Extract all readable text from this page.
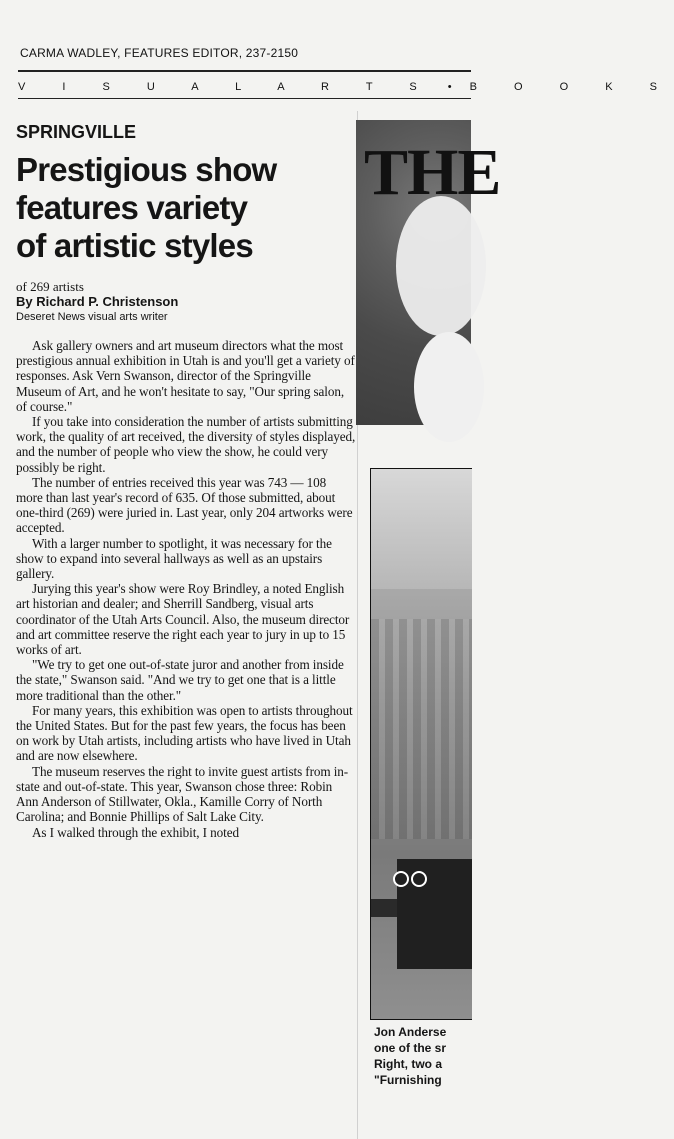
CARMA WADLEY, FEATURES EDITOR, 237-2150
V I S U A L A R T S • B O O K S
SPRINGVILLE
Prestigious show
features variety
of artistic styles
of 269 artists
By Richard P. Christenson
Deseret News visual arts writer

Ask gallery owners and art museum directors what the most prestigious annual exhibition in Utah is and you'll get a variety of responses. Ask Vern Swanson, director of the Springville Museum of Art, and he won't hesitate to say, "Our spring salon, of course."

If you take into consideration the number of artists submitting work, the quality of art received, the diversity of styles displayed, and the number of people who view the show, he could very possibly be right.

The number of entries received this year was 743 — 108 more than last year's record of 635. Of those submitted, about one-third (269) were juried in. Last year, only 204 artworks were accepted.

With a larger number to spotlight, it was necessary for the show to expand into several hallways as well as an upstairs gallery.

Jurying this year's show were Roy Brindley, a noted English art historian and dealer; and Sherrill Sandberg, visual arts coordinator of the Utah Arts Council. Also, the museum director and art committee reserve the right each year to jury in up to 15 works of art.

"We try to get one out-of-state juror and another from inside the state," Swanson said. "And we try to get one that is a little more traditional than the other."

For many years, this exhibition was open to artists throughout the United States. But for the past few years, the focus has been on work by Utah artists, including artists who have lived in Utah and are now elsewhere.

The museum reserves the right to invite guest artists from in-state and out-of-state. This year, Swanson chose three: Robin Ann Anderson of Stillwater, Okla., Kamille Corry of North Carolina; and Bonnie Phillips of Salt Lake City.

As I walked through the exhibit, I noted

THE
Jon Anderse
one of the sr
Right, two a
"Furnishing
